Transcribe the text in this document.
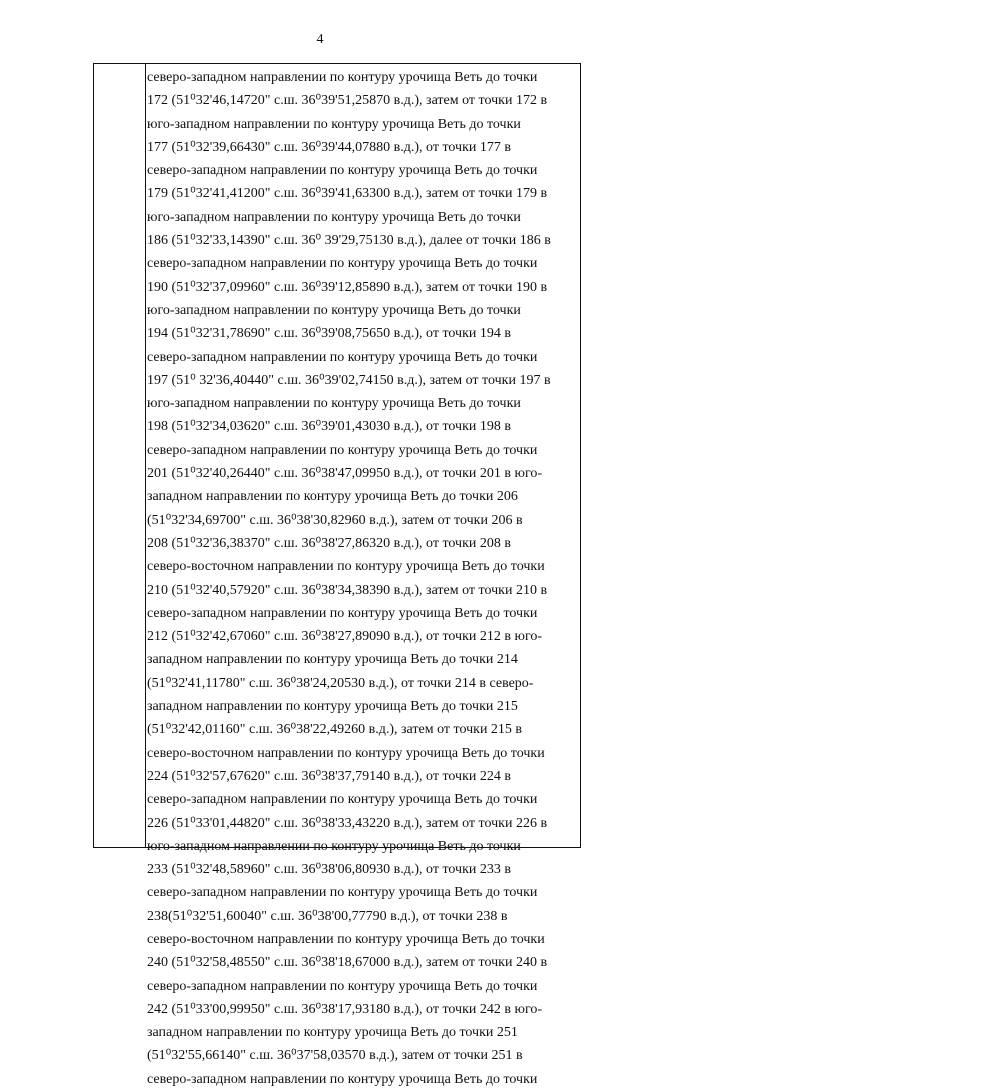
4
северо-западном направлении по контуру урочища Веть до точки
172 (51⁰32'46,14720" с.ш. 36⁰39'51,25870 в.д.), затем от точки 172 в
юго-западном направлении по контуру урочища Веть до точки
177 (51⁰32'39,66430" с.ш. 36⁰39'44,07880 в.д.), от точки 177 в
северо-западном направлении по контуру урочища Веть до точки
179 (51⁰32'41,41200" с.ш. 36⁰39'41,63300 в.д.), затем от точки 179 в
юго-западном направлении по контуру урочища Веть до точки
186 (51⁰32'33,14390" с.ш. 36⁰ 39'29,75130 в.д.), далее от точки 186 в
северо-западном направлении по контуру урочища Веть до точки
190 (51⁰32'37,09960" с.ш. 36⁰39'12,85890 в.д.), затем от точки 190 в
юго-западном направлении по контуру урочища Веть до точки
194 (51⁰32'31,78690" с.ш. 36⁰39'08,75650 в.д.), от точки 194 в
северо-западном направлении по контуру урочища Веть до точки
197 (51⁰ 32'36,40440" с.ш. 36⁰39'02,74150 в.д.), затем от точки 197 в
юго-западном направлении по контуру урочища Веть до точки
198 (51⁰32'34,03620" с.ш. 36⁰39'01,43030 в.д.), от точки 198 в
северо-западном направлении по контуру урочища Веть до точки
201 (51⁰32'40,26440" с.ш. 36⁰38'47,09950 в.д.), от точки 201 в юго-
западном направлении по контуру урочища Веть до точки 206
(51⁰32'34,69700" с.ш. 36⁰38'30,82960 в.д.), затем от точки 206 в
208 (51⁰32'36,38370" с.ш. 36⁰38'27,86320 в.д.), от точки 208 в
северо-восточном направлении по контуру урочища Веть до точки
210 (51⁰32'40,57920" с.ш. 36⁰38'34,38390 в.д.), затем от точки 210 в
северо-западном направлении по контуру урочища Веть до точки
212 (51⁰32'42,67060" с.ш. 36⁰38'27,89090 в.д.), от точки 212 в юго-
западном направлении по контуру урочища Веть до точки 214
(51⁰32'41,11780" с.ш. 36⁰38'24,20530 в.д.), от точки 214 в северо-
западном направлении по контуру урочища Веть до точки 215
(51⁰32'42,01160" с.ш. 36⁰38'22,49260 в.д.), затем от точки 215 в
северо-восточном направлении по контуру урочища Веть до точки
224 (51⁰32'57,67620" с.ш. 36⁰38'37,79140 в.д.), от точки 224 в
северо-западном направлении по контуру урочища Веть до точки
226 (51⁰33'01,44820" с.ш. 36⁰38'33,43220 в.д.), затем от точки 226 в
юго-западном направлении по контуру урочища Веть до точки
233 (51⁰32'48,58960" с.ш. 36⁰38'06,80930 в.д.), от точки 233 в
северо-западном направлении по контуру урочища Веть до точки
238(51⁰32'51,60040" с.ш. 36⁰38'00,77790 в.д.), от точки 238 в
северо-восточном направлении по контуру урочища Веть до точки
240 (51⁰32'58,48550" с.ш. 36⁰38'18,67000 в.д.), затем от точки 240 в
северо-западном направлении по контуру урочища Веть до точки
242 (51⁰33'00,99950" с.ш. 36⁰38'17,93180 в.д.), от точки 242 в юго-
западном направлении по контуру урочища Веть до точки 251
(51⁰32'55,66140" с.ш. 36⁰37'58,03570 в.д.), затем от точки 251 в
северо-западном направлении по контуру урочища Веть до точки
